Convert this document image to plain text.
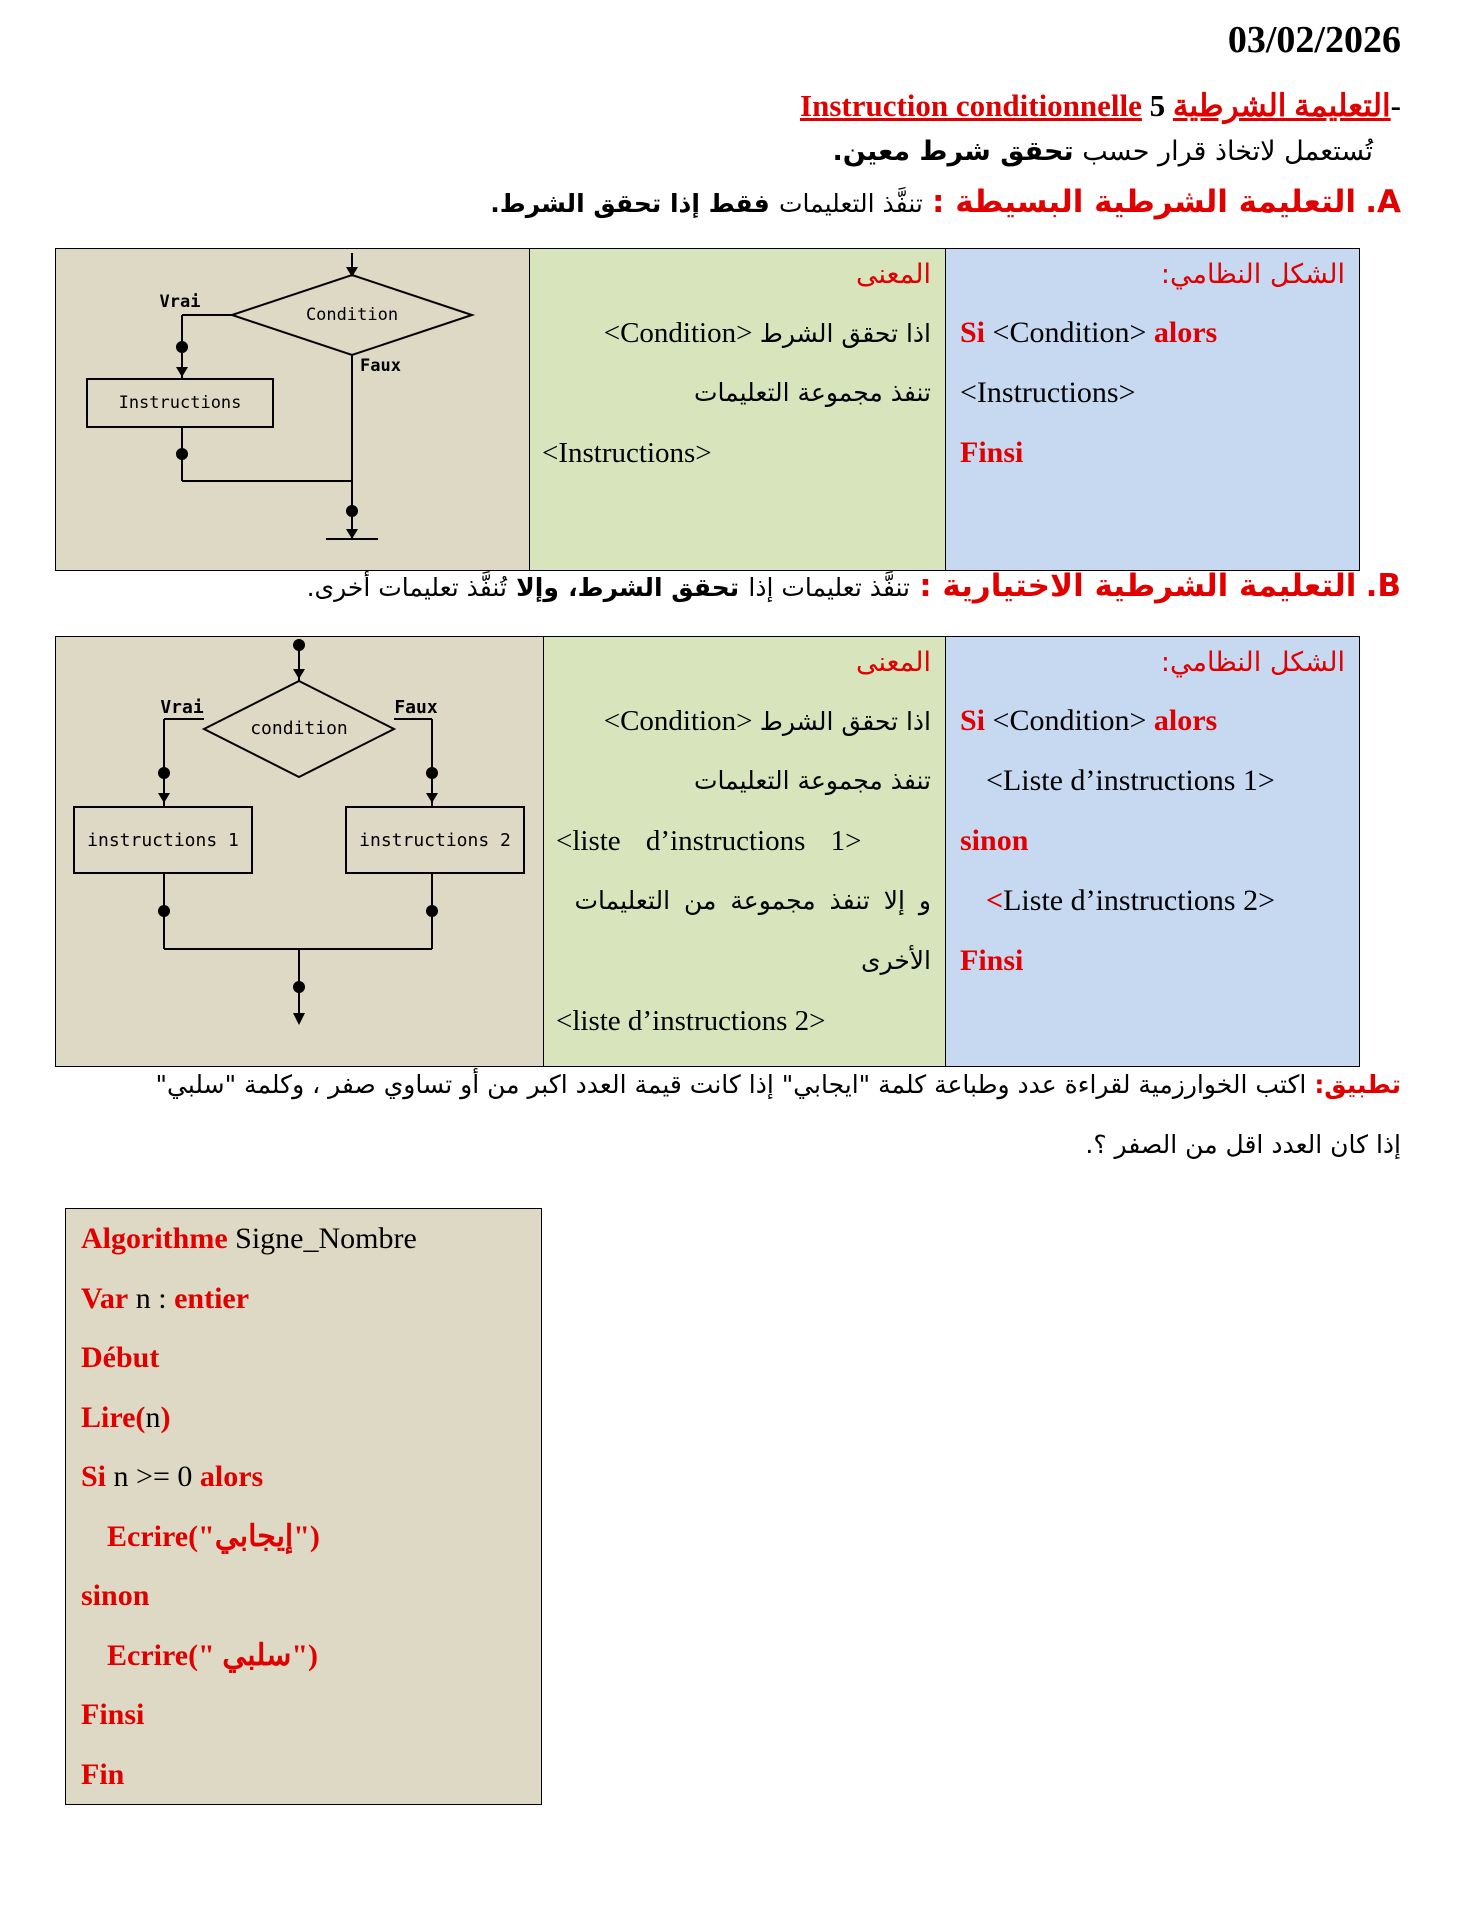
03/02/2026
Instruction conditionnelle التعليمة الشرطية 5-
تُستعمل لاتخاذ قرار حسب تحقق شرط معين.
A. التعليمة الشرطية البسيطة : تنفَّذ التعليمات فقط إذا تحقق الشرط.
Condition
Instructions
Vrai
Faux

المعنى
<Condition> اذا تحقق الشرط
تنفذ مجموعة التعليمات
<Instructions>

الشكل النظامي:
Si <Condition> alors
<Instructions>
Finsi
B. التعليمة الشرطية الاختيارية : تنفَّذ تعليمات إذا تحقق الشرط، وإلا تُنفَّذ تعليمات أخرى.
condition
instructions 1	instructions 2
Vrai	Faux

المعنى
<Condition> اذا تحقق الشرط
تنفذ مجموعة التعليمات
<liste d’instructions 1>
و إلا تنفذ مجموعة من التعليمات
الأخرى
<liste d’instructions 2>

الشكل النظامي:
Si <Condition> alors
<Liste d’instructions 1>
sinon
<Liste d’instructions 2>
Finsi
تطبيق: اكتب الخوارزمية لقراءة عدد وطباعة كلمة "ايجابي" إذا كانت قيمة العدد اكبر من أو تساوي صفر ، وكلمة "سلبي"
إذا كان العدد اقل من الصفر ؟.
Algorithme Signe_Nombre
Var n : entier
Début
Lire(n)
Si n >= 0 alors
Ecrire("إيجابي")
sinon
Ecrire(" سلبي")
Finsi
Fin
